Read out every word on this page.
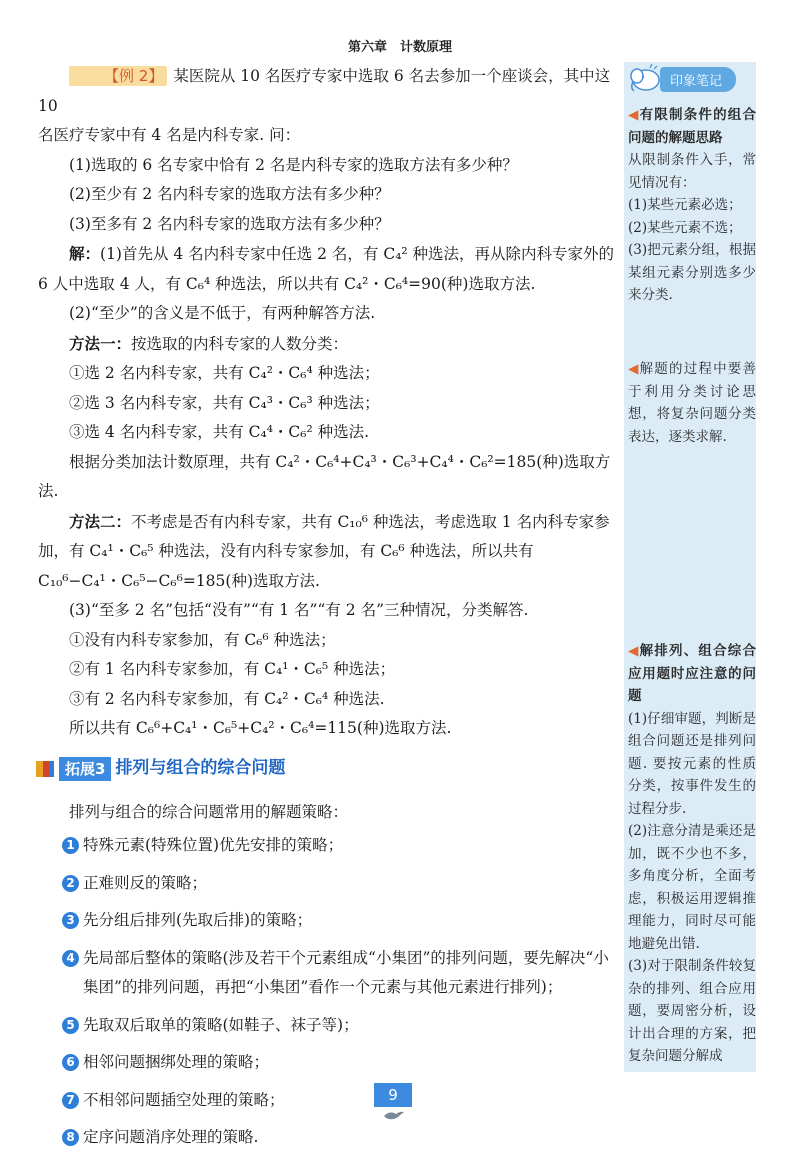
第六章　计数原理
印象笔记
◀有限制条件的组合问题的解题思路
从限制条件入手，常见情况有：
(1)某些元素必选；
(2)某些元素不选；
(3)把元素分组，根据某组元素分别选多少来分类.
◀解题的过程中要善于利用分类讨论思想，将复杂问题分类表达，逐类求解.
◀解排列、组合综合应用题时应注意的问题
(1)仔细审题，判断是组合问题还是排列问题. 要按元素的性质分类，按事件发生的过程分步.
(2)注意分清是乘还是加，既不少也不多，多角度分析，全面考虑，积极运用逻辑推理能力，同时尽可能地避免出错.
(3)对于限制条件较复杂的排列、组合应用题，要周密分析，设计出合理的方案，把复杂问题分解成

【 例 2 】 某医院从 10 名医疗专家中选取 6 名去参加一个座谈会，其中这 10

名医疗专家中有 4 名是内科专家. 问：

(1)选取的 6 名专家中恰有 2 名是内科专家的选取方法有多少种？

(2)至少有 2 名内科专家的选取方法有多少种？

(3)至多有 2 名内科专家的选取方法有多少种？

解：(1)首先从 4 名内科专家中任选 2 名，有 C₄² 种选法，再从除内科专家外的 6 人中选取 4 人，有 C₆⁴ 种选法，所以共有 C₄²・C₆⁴=90(种)选取方法.

(2)“至少”的含义是不低于，有两种解答方法.

方法一：按选取的内科专家的人数分类：

①选 2 名内科专家，共有 C₄²・C₆⁴ 种选法；

②选 3 名内科专家，共有 C₄³・C₆³ 种选法；

③选 4 名内科专家，共有 C₄⁴・C₆² 种选法.

根据分类加法计数原理，共有 C₄²・C₆⁴+C₄³・C₆³+C₄⁴・C₆²=185(种)选取方法.

方法二：不考虑是否有内科专家，共有 C₁₀⁶ 种选法，考虑选取 1 名内科专家参加，有 C₄¹・C₆⁵ 种选法，没有内科专家参加，有 C₆⁶ 种选法，所以共有 C₁₀⁶−C₄¹・C₆⁵−C₆⁶=185(种)选取方法.

(3)“至多 2 名”包括“没有”“有 1 名”“有 2 名”三种情况，分类解答.

①没有内科专家参加，有 C₆⁶ 种选法；

②有 1 名内科专家参加，有 C₄¹・C₆⁵ 种选法；

③有 2 名内科专家参加，有 C₄²・C₆⁴ 种选法.

所以共有 C₆⁶+C₄¹・C₆⁵+C₄²・C₆⁴=115(种)选取方法.

拓展3 排列与组合的综合问题

排列与组合的综合问题常用的解题策略：

1 特殊元素(特殊位置)优先安排的策略；
2 正难则反的策略；
3 先分组后排列(先取后排)的策略；
4 先局部后整体的策略(涉及若干个元素组成“小集团”的排列问题，要先解决“小集团”的排列问题，再把“小集团”看作一个元素与其他元素进行排列)；
5 先取双后取单的策略(如鞋子、袜子等)；
6 相邻问题捆绑处理的策略；
7 不相邻问题插空处理的策略；
8 定序问题消序处理的策略.
9
